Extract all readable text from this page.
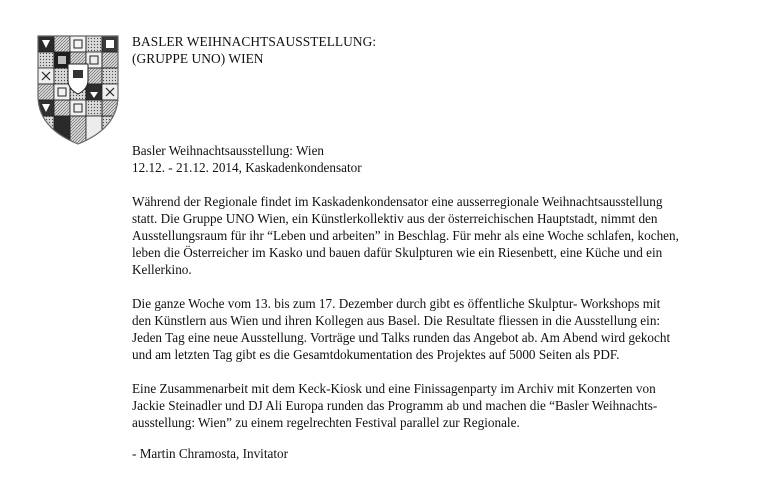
BASLER WEIHNACHTSAUSSTELLUNG:
(GRUPPE UNO) WIEN
Basler Weihnachtsausstellung: Wien
12.12. - 21.12. 2014, Kaskadenkondensator
Während der Regionale findet im Kaskadenkondensator eine ausserregionale Weihnachtsausstellung
statt. Die Gruppe UNO Wien, ein Künstlerkollektiv aus der österreichischen Hauptstadt, nimmt den
Ausstellungsraum für ihr “Leben und arbeiten” in Beschlag. Für mehr als eine Woche schlafen, kochen,
leben die Österreicher im Kasko und bauen dafür Skulpturen wie ein Riesenbett, eine Küche und ein
Kellerkino.
Die ganze Woche vom 13. bis zum 17. Dezember durch gibt es öffentliche Skulptur- Workshops mit
den Künstlern aus Wien und ihren Kollegen aus Basel. Die Resultate fliessen in die Ausstellung ein:
Jeden Tag eine neue Ausstellung. Vorträge und Talks runden das Angebot ab. Am Abend wird gekocht
und am letzten Tag gibt es die Gesamtdokumentation des Projektes auf 5000 Seiten als PDF.
Eine Zusammenarbeit mit dem Keck-Kiosk und eine Finissagenparty im Archiv mit Konzerten von
Jackie Steinadler und DJ Ali Europa runden das Programm ab und machen die “Basler Weihnachts-
ausstellung: Wien” zu einem regelrechten Festival parallel zur Regionale.
- Martin Chramosta, Invitator
